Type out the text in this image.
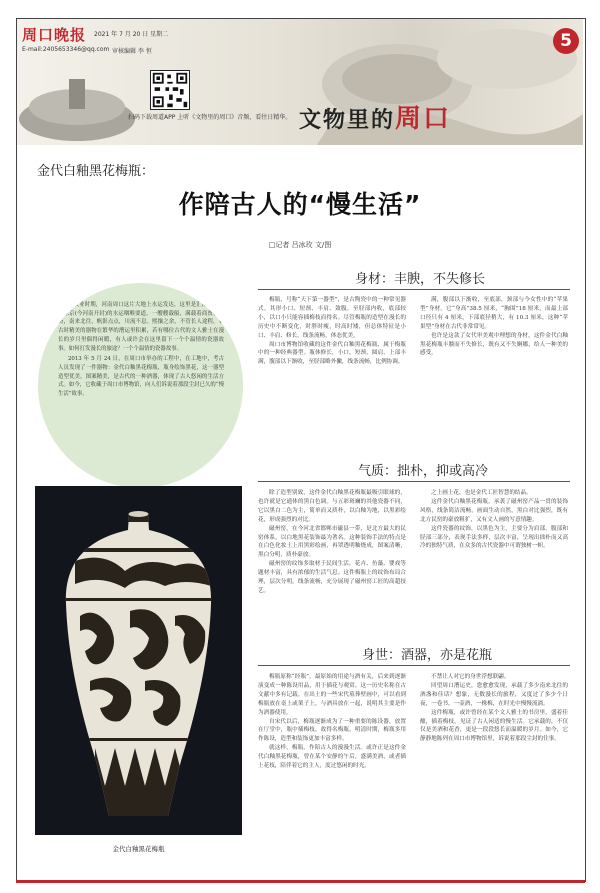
周口晚报 2021 年 7 月 20 日 星期二
E-mail:2405653346@qq.com 审核编辑 李 恒
5
扫码下载周道APP 上听《文物里的周口》音频，看往日精华。 文物里的周口
金代白釉黑花梅瓶：
作陪古人的“慢生活”
□记者 吕冰玫 文/图

在农业时期，河南周口这片大地上水运发达，这里是汇南北区域往东京(今河南开封)的水运咽喉要道，一艘艘载船，满载着商贾和物资，南来北往，帆影点点，川流不息。熙攘之余，不管长人途程，各古时精美的器物在繁华的漕运里积累，若有哪位古代的文人雅士在漫长的岁月里偶得闲暇，有人或许会在这里留下一个个温情的瓷器故事。如何打发漫长的旅途？一个个温情的瓷器故事。

2013 年 5 月 24 日，在周口市举办的工程中，在工地中，考古人员发现了一件器物：金代白釉黑花梅瓶，瓶身绘饰黑花，这一器型造型优美，图案精美，是古代的一种酒器，体现了古人悠闲的生活方式。如今，它收藏于周口市博物馆，向人们诉说着那段尘封已久的“慢生活”故事。

身材：丰腴，不失修长

梅瓶，号称“天下第一器型”，是古陶瓷中的一种常见器式。其形小口、短颈、丰肩、敛腹，至胫部内收，底部较小，以口小只能容插梅枝而得名。尽管梅瓶的造型在漫长的历史中不断变化，时胖时瘦，时高时矮，但总体特征是小口、丰肩、修长，线条流畅，体态优美。

周口市博物馆收藏的这件金代白釉黑花梅瓶，属于梅瓶中的一种经典器型。瓶体修长，小口，短颈，圆肩，上部丰满，腹部以下渐收，至胫部略外撇，线条流畅，比例协调。

满，腹部以下渐收，至底部，颈部与今女性中的“苹果型”身材。它“身高”38.5 厘米，“胸围”18 厘米，而最上部口径只有 4 厘米，下部底径稍大，有 10.3 厘米，这种“苹果型”身材在古代非常常见。

也许是这款了女代审美观中理想的身材，这件金代白釉黑花梅瓶丰腴而不失修长，既有又不失婀娜，给人一种美的感受。

气质：拙朴，抑或高冷

除了造型别致，这件金代白釉黑花梅瓶最吸引眼球的，也许就是它通体的黑白色调。与五彩斑斓的其他瓷器不同，它以黑白二色为主，简单而又质朴，以白釉为地，以黑彩绘花，形成强烈的对比。

磁州窑，在今河北省邯郸市磁县一带，是北方最大的民窑体系，以白地黑花装饰最为著名。这种装饰手法的特点是在白色化妆土上用黑彩绘画，再罩透明釉烧成，图案清晰，黑白分明，质朴豪放。

磁州窑的纹饰多取材于民间生活，花卉、鱼藻、婴戏等题材丰富，具有浓郁的生活气息。这件梅瓶上的纹饰布局合理，层次分明，线条流畅，充分展现了磁州窑工匠的高超技艺。

之上画上花，也是金代工匠智慧的结晶。

这件金代白釉黑花梅瓶，承袭了磁州窑产品一贯的装饰风格，线条简洁流畅，画面生动自然，黑白对比强烈，既有北方民窑的豪放粗犷，又有文人画的写意情趣。

这件瓷器的纹饰，以黑色为主，主要分为肩部、腹部和胫部三部分，表现手法多样，层次丰富，呈现出拙朴而又高冷的独特气质，在众多的古代瓷器中可谓独树一帜。

身世：酒器，亦是花瓶

梅瓶原称“经瓶”，最原始的用途与酒有关，后来到逐渐演变成一种陈设用品，用于插花与观赏。这一历史名称在古文献中多有记载。在出土的一些宋代墓葬壁画中，可以看到梅瓶放在桌上或架子上，与酒具放在一起，说明其主要是作为酒器使用。

自宋代以后，梅瓶逐渐成为了一种重要的陈设器，放置在厅堂中，瓶中插梅枝，故得名梅瓶。明清时期，梅瓶多用作陈设，造型和装饰更加丰富多样。

就这样，梅瓶，作陪古人的漫漫生活。或许正是这件金代白釉黑花梅瓶，曾在某个安静的午后，盛满美酒，或者插上花枝，陪伴着它的主人，度过悠闲的时光。

不禁让人对它的身世浮想联翩。

回望周口漕运史，您愈愈发现，承载了多少南来北往的酒盏和佳话？想象，无数漫长的旅程，又度过了多少个日夜，一卷书，一壶酒，一株梅，在时光中慢慢流淌。

这件梅瓶，或许曾经在某个文人雅士的书房里，盛着佳酿，插着梅枝，见证了古人闲适的慢生活。它承载的，不仅仅是美酒和花香，更是一段段悠长而温暖的岁月。如今，它静静地陈列在周口市博物馆里，诉说着那段尘封的往事。

金代白釉黑花梅瓶
